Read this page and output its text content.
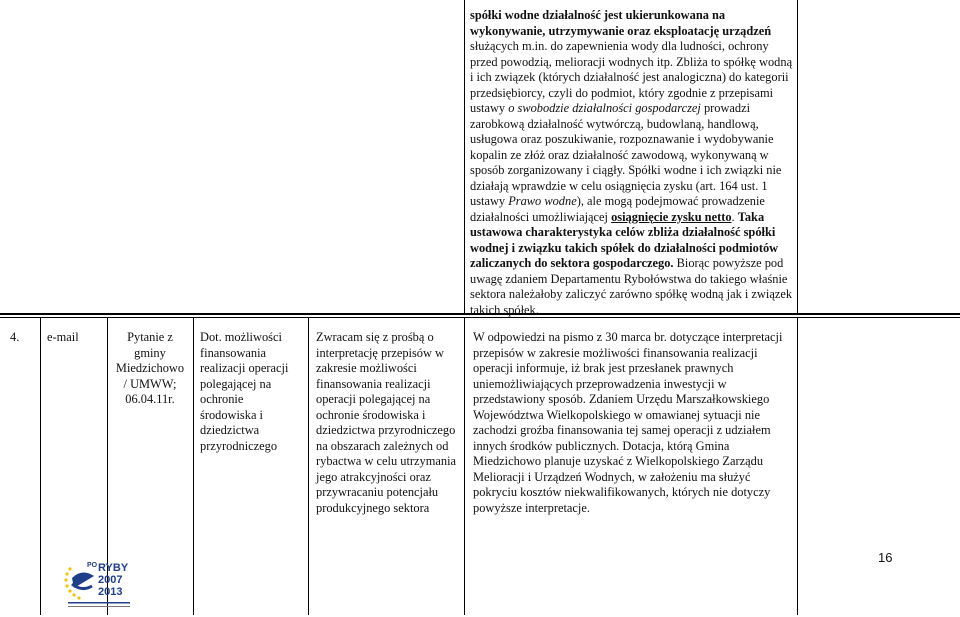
spółki wodne działalność jest ukierunkowana na wykonywanie, utrzymywanie oraz eksploatację urządzeń służących m.in. do zapewnienia wody dla ludności, ochrony przed powodzią, melioracji wodnych itp. Zbliża to spółkę wodną i ich związek (których działalność jest analogiczna) do kategorii przedsiębiorcy, czyli do podmiot, który zgodnie z przepisami ustawy o swobodzie działalności gospodarczej prowadzi zarobkową działalność wytwórczą, budowlaną, handlową, usługowa oraz poszukiwanie, rozpoznawanie i wydobywanie kopalin ze złóż oraz działalność zawodową, wykonywaną w sposób zorganizowany i ciągły. Spółki wodne i ich związki nie działają wprawdzie w celu osiągnięcia zysku (art. 164 ust. 1 ustawy Prawo wodne), ale mogą podejmować prowadzenie działalności umożliwiającej osiągnięcie zysku netto. Taka ustawowa charakterystyka celów zbliża działalność spółki wodnej i związku takich spółek do działalności podmiotów zaliczanych do sektora gospodarczego. Biorąc powyższe pod uwagę zdaniem Departamentu Rybołówstwa do takiego właśnie sektora należałoby zaliczyć zarówno spółkę wodną jak i związek takich spółek.
4.	e-mail	Pytanie z gminy Miedzichowo / UMWW; 06.04.11r.
Dot. możliwości finansowania realizacji operacji polegającej na ochronie środowiska i dziedzictwa przyrodniczego
Zwracam się z prośbą o interpretację przepisów w zakresie możliwości finansowania realizacji operacji polegającej na ochronie środowiska i dziedzictwa przyrodniczego na obszarach zależnych od rybactwa w celu utrzymania jego atrakcyjności oraz przywracaniu potencjału produkcyjnego sektora
W odpowiedzi na pismo z 30 marca br. dotyczące interpretacji przepisów w zakresie możliwości finansowania realizacji operacji informuje, iż brak jest przesłanek prawnych uniemożliwiających przeprowadzenia inwestycji w przedstawiony sposób. Zdaniem Urzędu Marszałkowskiego Województwa Wielkopolskiego w omawianej sytuacji nie zachodzi groźba finansowania tej samej operacji z udziałem innych środków publicznych. Dotacja, którą Gmina Miedzichowo planuje uzyskać z Wielkopolskiego Zarządu Melioracji i Urządzeń Wodnych, w założeniu ma służyć pokryciu kosztów niekwalifikowanych, których nie dotyczy powyższe interpretacje.
16
PO RYBY
2007
2013
